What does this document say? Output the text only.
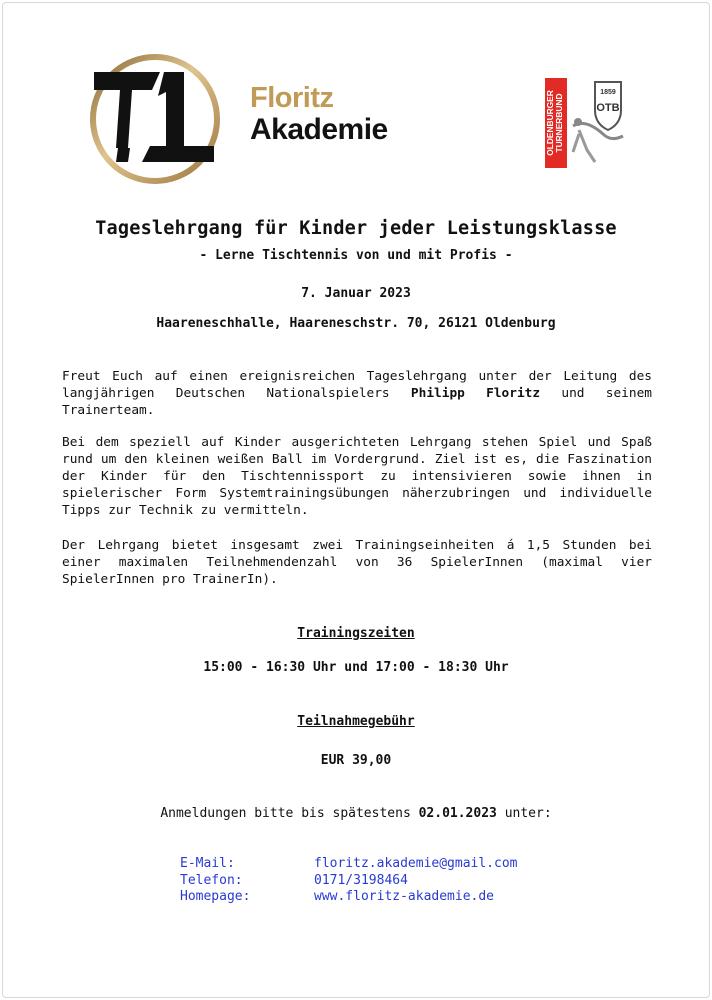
Floritz
Akademie	OLDENBURGER TURNERBUND
1859
OTB
Tageslehrgang für Kinder jeder Leistungsklasse
- Lerne Tischtennis von und mit Profis -
7. Januar 2023
Haareneschhalle, Haareneschstr. 70, 26121 Oldenburg
Freut Euch auf einen ereignisreichen Tageslehrgang unter der Leitung des langjährigen Deutschen Nationalspielers Philipp Floritz und seinem Trainerteam.
Bei dem speziell auf Kinder ausgerichteten Lehrgang stehen Spiel und Spaß rund um den kleinen weißen Ball im Vordergrund. Ziel ist es, die Faszination der Kinder für den Tischtennissport zu intensivieren sowie ihnen in spielerischer Form Systemtrainingsübungen näherzubringen und individuelle Tipps zur Technik zu vermitteln.
Der Lehrgang bietet insgesamt zwei Trainingseinheiten á 1,5 Stunden bei einer maximalen Teilnehmendenzahl von 36 SpielerInnen (maximal vier SpielerInnen pro TrainerIn).
Trainingszeiten
15:00 - 16:30 Uhr und 17:00 - 18:30 Uhr
Teilnahmegebühr
EUR 39,00
Anmeldungen bitte bis spätestens 02.01.2023 unter:
E-Mail:	floritz.akademie@gmail.com
Telefon:	0171/3198464
Homepage:	www.floritz-akademie.de
